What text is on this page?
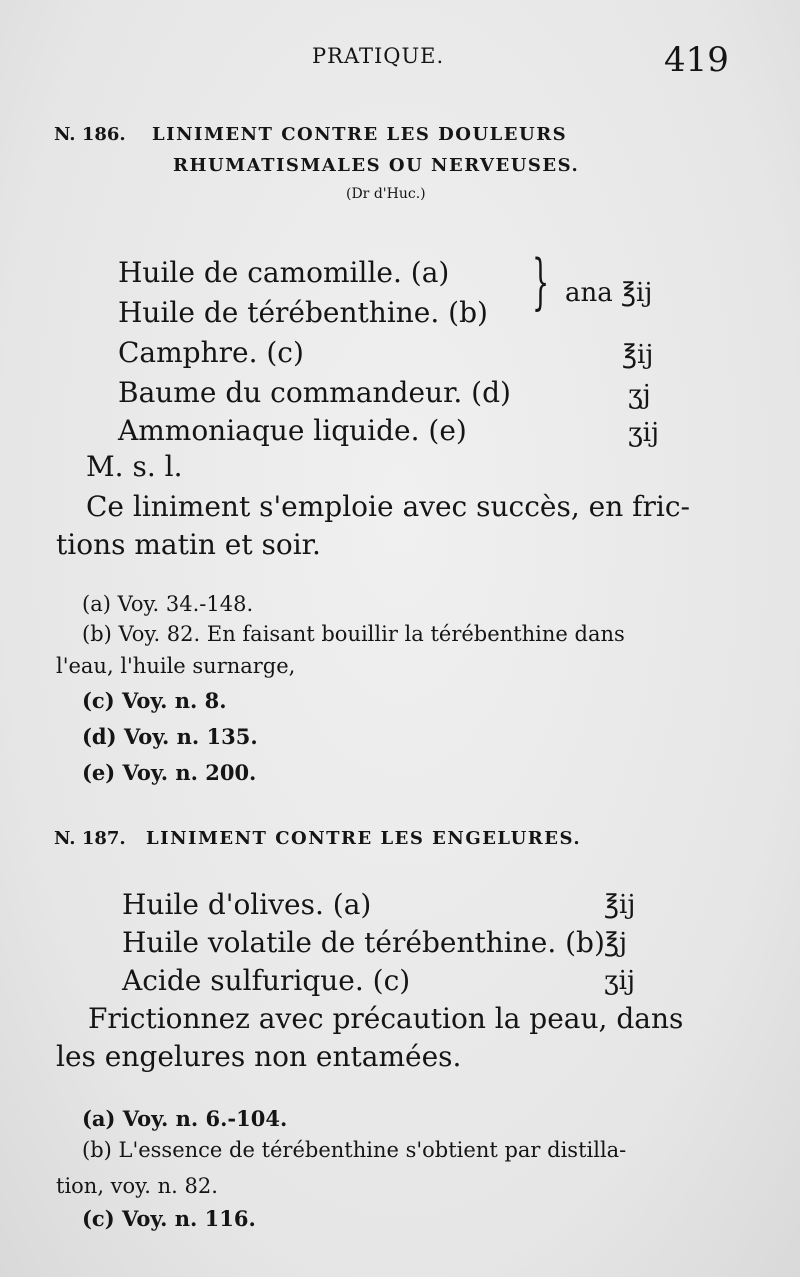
PRATIQUE.	419
N. 186. LINIMENT CONTRE LES DOULEURS
RHUMATISMALES OU NERVEUSES.
(Dr d'Huc.)
Huile de camomille. (a)
Huile de térébenthine. (b) } ana ℥ij
Camphre. (c)	℥ij
Baume du commandeur. (d)	ʒj
Ammoniaque liquide. (e)	ʒij
M. s. l.
Ce liniment s'emploie avec succès, en fric-
tions matin et soir.
(a) Voy. 34.-148.
(b) Voy. 82. En faisant bouillir la térébenthine dans
l'eau, l'huile surnarge,
(c) Voy. n. 8.
(d) Voy. n. 135.
(e) Voy. n. 200.
N. 187. LINIMENT CONTRE LES ENGELURES.
Huile d'olives. (a)	℥ij
Huile volatile de térébenthine. (b) ℥j
Acide sulfurique. (c)	ʒij
Frictionnez avec précaution la peau, dans
les engelures non entamées.
(a) Voy. n. 6.-104.
(b) L'essence de térébenthine s'obtient par distilla-
tion, voy. n. 82.
(c) Voy. n. 116.
